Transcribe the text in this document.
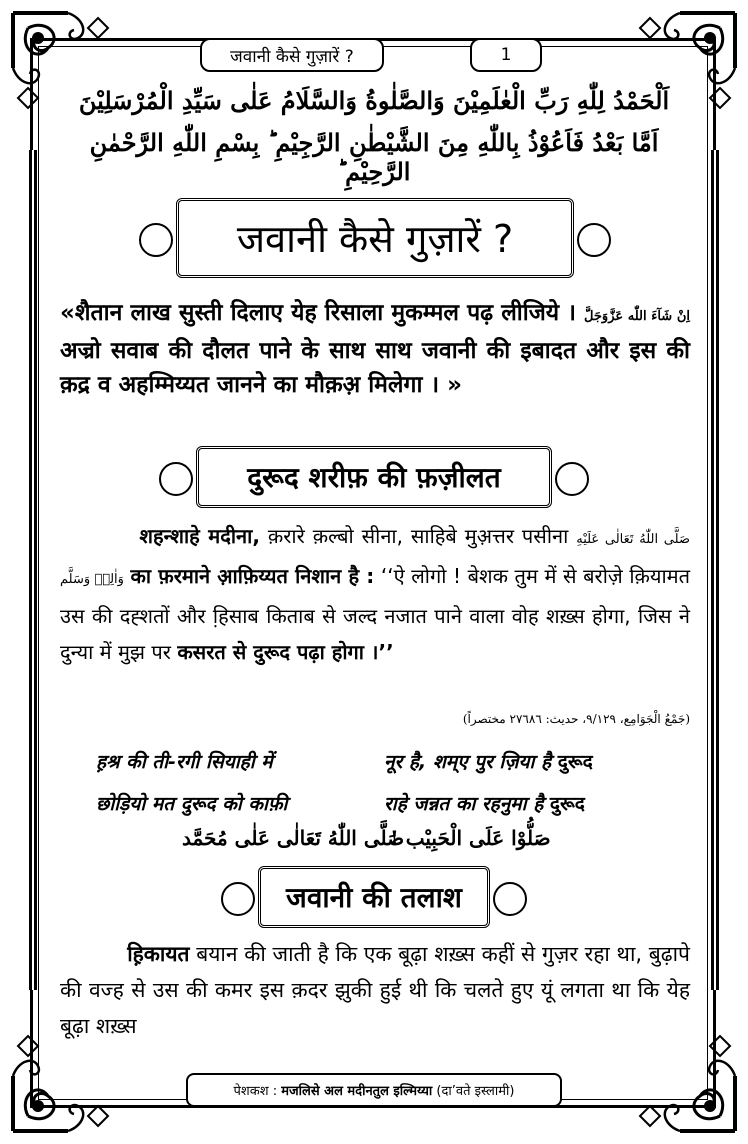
जवानी कैसे गुज़ारें ?	1
اَلْحَمْدُ لِلّٰهِ رَبِّ الْعٰلَمِيْنَ وَالصَّلٰوةُ وَالسَّلَامُ عَلٰى سَيِّدِ الْمُرْسَلِيْنَ
اَمَّا بَعْدُ فَاَعُوْذُ بِاللّٰهِ مِنَ الشَّيْطٰنِ الرَّجِيْمِ ؕ بِسْمِ اللّٰهِ الرَّحْمٰنِ الرَّحِيْمِ ؕ
जवानी कैसे गुज़ारें ?
«शैतान लाख सुस्ती दिलाए येह रिसाला मुकम्मल पढ़ लीजिये । اِنْ شَآءَ اللّٰه عَزَّوَجَلَّ अज्रो सवाब की दौलत पाने के साथ साथ जवानी की इबादत और इस की क़द्र व अहम्मिय्यत जानने का मौक़अ़ मिलेगा । »
दुरूद शरीफ़ की फ़ज़ीलत
शहन्शाहे मदीना, क़रारे क़ल्बो सीना, साहिबे मुअ़त्तर पसीना صَلَّى اللّٰهُ تَعَالٰى عَلَيْهِ وَاٰلِهٖ وَسَلَّم का फ़रमाने आ़फ़िय्यत निशान है : ‘‘ऐ लोगो ! बेशक तुम में से बरोज़े क़ियामत उस की दह्शतों और हि़साब किताब से जल्द नजात पाने वाला वोह शख़्स होगा, जिस ने दुन्या में मुझ पर कसरत से दुरूद पढ़ा होगा ।’’
(جَمْعُ الْجَوَامِع، ٩/١٢٩، حديث: ٢٧٦٨٦ مختصراً)
ह़श्र की ती-रगी सियाही में	नूर है, शम्ए पुर ज़िया है दुरूद
छोड़ियो मत दुरूद को काफ़ी	राहे जन्नत का रहनुमा है दुरूद
صَلُّوْا عَلَى الْحَبِيْب !
صَلَّى اللّٰهُ تَعَالٰى عَلٰى مُحَمَّد
जवानी की तलाश
ह़िकायत बयान की जाती है कि एक बूढ़ा शख़्स कहीं से गुज़र रहा था, बुढ़ापे की वज्ह से उस की कमर इस क़दर झुकी हुई थी कि चलते हुए यूं लगता था कि येह बूढ़ा शख़्स
पेशकश :
मजलिसे अल मदीनतुल इल्मिय्या
(दा’वते इस्लामी)
